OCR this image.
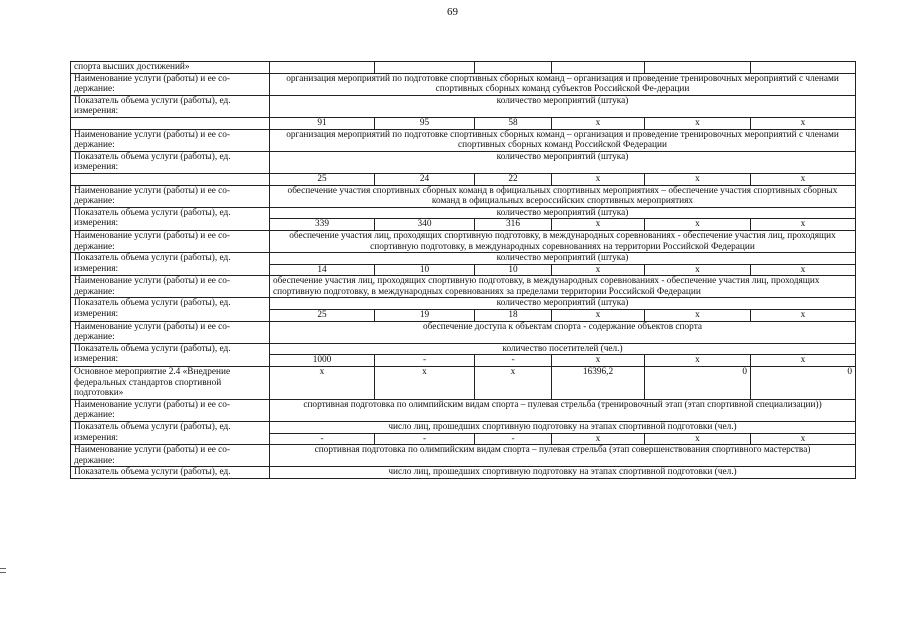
69
спорта высших достижений»						
Наименование услуги (работы) и ее со-держание:	организация мероприятий по подготовке спортивных сборных команд – организация и проведение тренировочных мероприятий с членами спортивных сборных команд субъектов Российской Фе-дерации					
Показатель объема услуги (работы), ед. измерения:	количество мероприятий (штука)					
	91	95	58	x	x	x
Наименование услуги (работы) и ее со-держание:	организация мероприятий по подготовке спортивных сборных команд – организация и проведение тренировочных мероприятий с членами спортивных сборных команд Российской Федерации					
Показатель объема услуги (работы), ед. измерения:	количество мероприятий (штука)					
	25	24	22	x	x	x
Наименование услуги (работы) и ее со-держание:	обеспечение участия спортивных сборных команд в официальных спортивных мероприятиях – обеспечение участия спортивных сборных команд в официальных всероссийских спортивных мероприятиях					
Показатель объема услуги (работы), ед. измерения:	количество мероприятий (штука)					
	339	340	316	x	x	x
Наименование услуги (работы) и ее со-держание:	обеспечение участия лиц, проходящих спортивную подготовку, в международных соревнованиях - обеспечение участия лиц, проходящих спортивную подготовку, в международных соревнованиях на территории Российской Федерации					
Показатель объема услуги (работы), ед. измерения:	количество мероприятий (штука)					
	14	10	10	x	x	x
Наименование услуги (работы) и ее со-держание:	обеспечение участия лиц, проходящих спортивную подготовку, в международных соревнованиях - обеспечение участия лиц, проходящих спортивную подготовку, в международных соревнованиях за пределами территории Российской Федерации					
Показатель объема услуги (работы), ед. измерения:	количество мероприятий (штука)					
	25	19	18	x	x	x
Наименование услуги (работы) и ее со-держание:	обеспечение доступа к объектам спорта - содержание объектов спорта					
Показатель объема услуги (работы), ед. измерения:	количество посетителей (чел.)					
	1000	-	-	x	x	x
Основное мероприятие 2.4 «Внедрение федеральных стандартов спортивной подготовки»	x	x	x	16396,2	0	0
Наименование услуги (работы) и ее со-держание:	спортивная подготовка по олимпийским видам спорта – пулевая стрельба (тренировочный этап (этап спортивной специализации))					
Показатель объема услуги (работы), ед. измерения:	число лиц, прошедших спортивную подготовку на этапах спортивной подготовки (чел.)					
	-	-	-	x	x	x
Наименование услуги (работы) и ее со-держание:	спортивная подготовка по олимпийским видам спорта – пулевая стрельба (этап совершенствования спортивного мастерства)					
Показатель объема услуги (работы), ед.	число лиц, прошедших спортивную подготовку на этапах спортивной подготовки (чел.)					
